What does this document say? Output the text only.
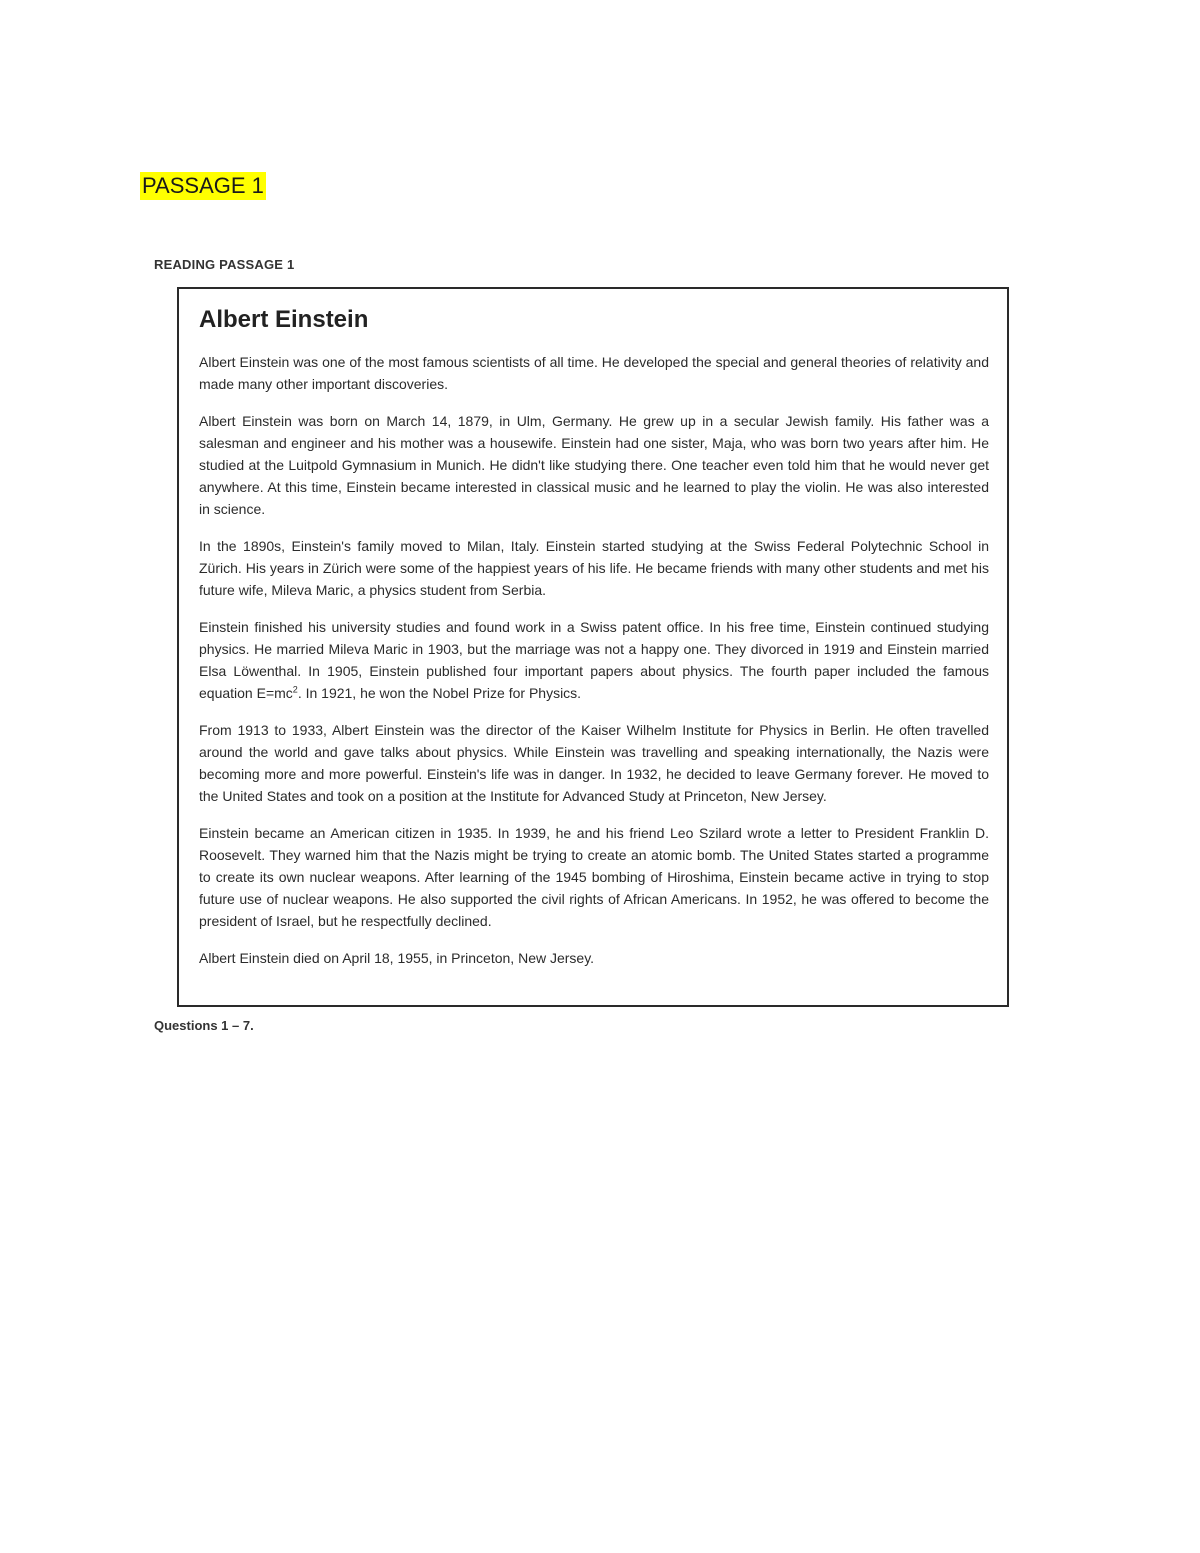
PASSAGE 1
READING PASSAGE 1
Albert Einstein

Albert Einstein was one of the most famous scientists of all time. He developed the special and general theories of relativity and made many other important discoveries.

Albert Einstein was born on March 14, 1879, in Ulm, Germany. He grew up in a secular Jewish family. His father was a salesman and engineer and his mother was a housewife. Einstein had one sister, Maja, who was born two years after him. He studied at the Luitpold Gymnasium in Munich. He didn't like studying there. One teacher even told him that he would never get anywhere. At this time, Einstein became interested in classical music and he learned to play the violin. He was also interested in science.

In the 1890s, Einstein's family moved to Milan, Italy. Einstein started studying at the Swiss Federal Polytechnic School in Zürich. His years in Zürich were some of the happiest years of his life. He became friends with many other students and met his future wife, Mileva Maric, a physics student from Serbia.

Einstein finished his university studies and found work in a Swiss patent office. In his free time, Einstein continued studying physics. He married Mileva Maric in 1903, but the marriage was not a happy one. They divorced in 1919 and Einstein married Elsa Löwenthal. In 1905, Einstein published four important papers about physics. The fourth paper included the famous equation $E=mc^2$. In 1921, he won the Nobel Prize for Physics.

From 1913 to 1933, Albert Einstein was the director of the Kaiser Wilhelm Institute for Physics in Berlin. He often travelled around the world and gave talks about physics. While Einstein was travelling and speaking internationally, the Nazis were becoming more and more powerful. Einstein's life was in danger. In 1932, he decided to leave Germany forever. He moved to the United States and took on a position at the Institute for Advanced Study at Princeton, New Jersey.

Einstein became an American citizen in 1935. In 1939, he and his friend Leo Szilard wrote a letter to President Franklin D. Roosevelt. They warned him that the Nazis might be trying to create an atomic bomb. The United States started a programme to create its own nuclear weapons. After learning of the 1945 bombing of Hiroshima, Einstein became active in trying to stop future use of nuclear weapons. He also supported the civil rights of African Americans. In 1952, he was offered to become the president of Israel, but he respectfully declined.

Albert Einstein died on April 18, 1955, in Princeton, New Jersey.

Questions 1 – 7.
